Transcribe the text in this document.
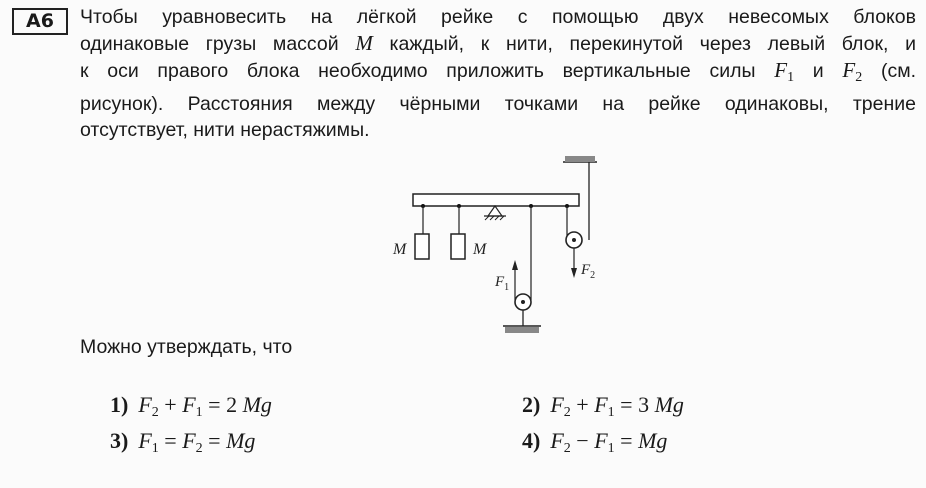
А6	Чтобы уравновесить на лёгкой рейке с помощью двух невесомых блоков
одинаковые грузы массой M каждый, к нити, перекинутой через левый блок, и
к оси правого блока необходимо приложить вертикальные силы $F_1$ и $F_2$ (см.
рисунок). Расстояния между чёрными точками на рейке одинаковы, трение
отсутствует, нити нерастяжимы.
M	M
$F_1$
$F_2$
Можно утверждать, что
1) $F_2 + F_1 = 2$ Mg	2) $F_2 + F_1 = 3$ Mg
3) $F_1 = F_2 = Mg$	4) $F_2 - F_1 = Mg$
